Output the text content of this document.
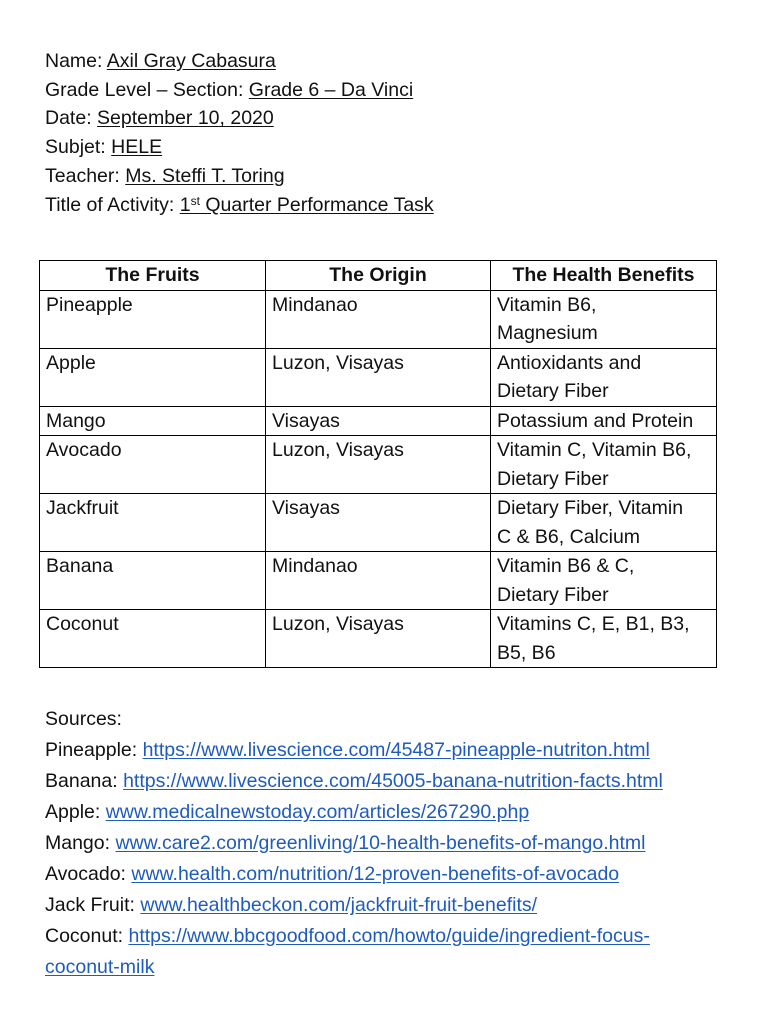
Name: Axil Gray Cabasura
Grade Level – Section: Grade 6 – Da Vinci
Date: September 10, 2020
Subjet: HELE
Teacher: Ms. Steffi T. Toring
Title of Activity: 1st Quarter Performance Task
The Fruits	The Origin	The Health Benefits
Pineapple	Mindanao	Vitamin B6,
Magnesium

Apple	Luzon, Visayas	Antioxidants and
Dietary Fiber

Mango	Visayas	Potassium and Protein

Avocado	Luzon, Visayas	Vitamin C, Vitamin B6,
Dietary Fiber

Jackfruit	Visayas	Dietary Fiber, Vitamin
C & B6, Calcium

Banana	Mindanao	Vitamin B6 & C,
Dietary Fiber

Coconut	Luzon, Visayas	Vitamins C, E, B1, B3,
B5, B6
Sources:
Pineapple: https://www.livescience.com/45487-pineapple-nutriton.html
Banana: https://www.livescience.com/45005-banana-nutrition-facts.html
Apple: www.medicalnewstoday.com/articles/267290.php
Mango: www.care2.com/greenliving/10-health-benefits-of-mango.html
Avocado: www.health.com/nutrition/12-proven-benefits-of-avocado
Jack Fruit: www.healthbeckon.com/jackfruit-fruit-benefits/
Coconut: https://www.bbcgoodfood.com/howto/guide/ingredient-focus-
coconut-milk
